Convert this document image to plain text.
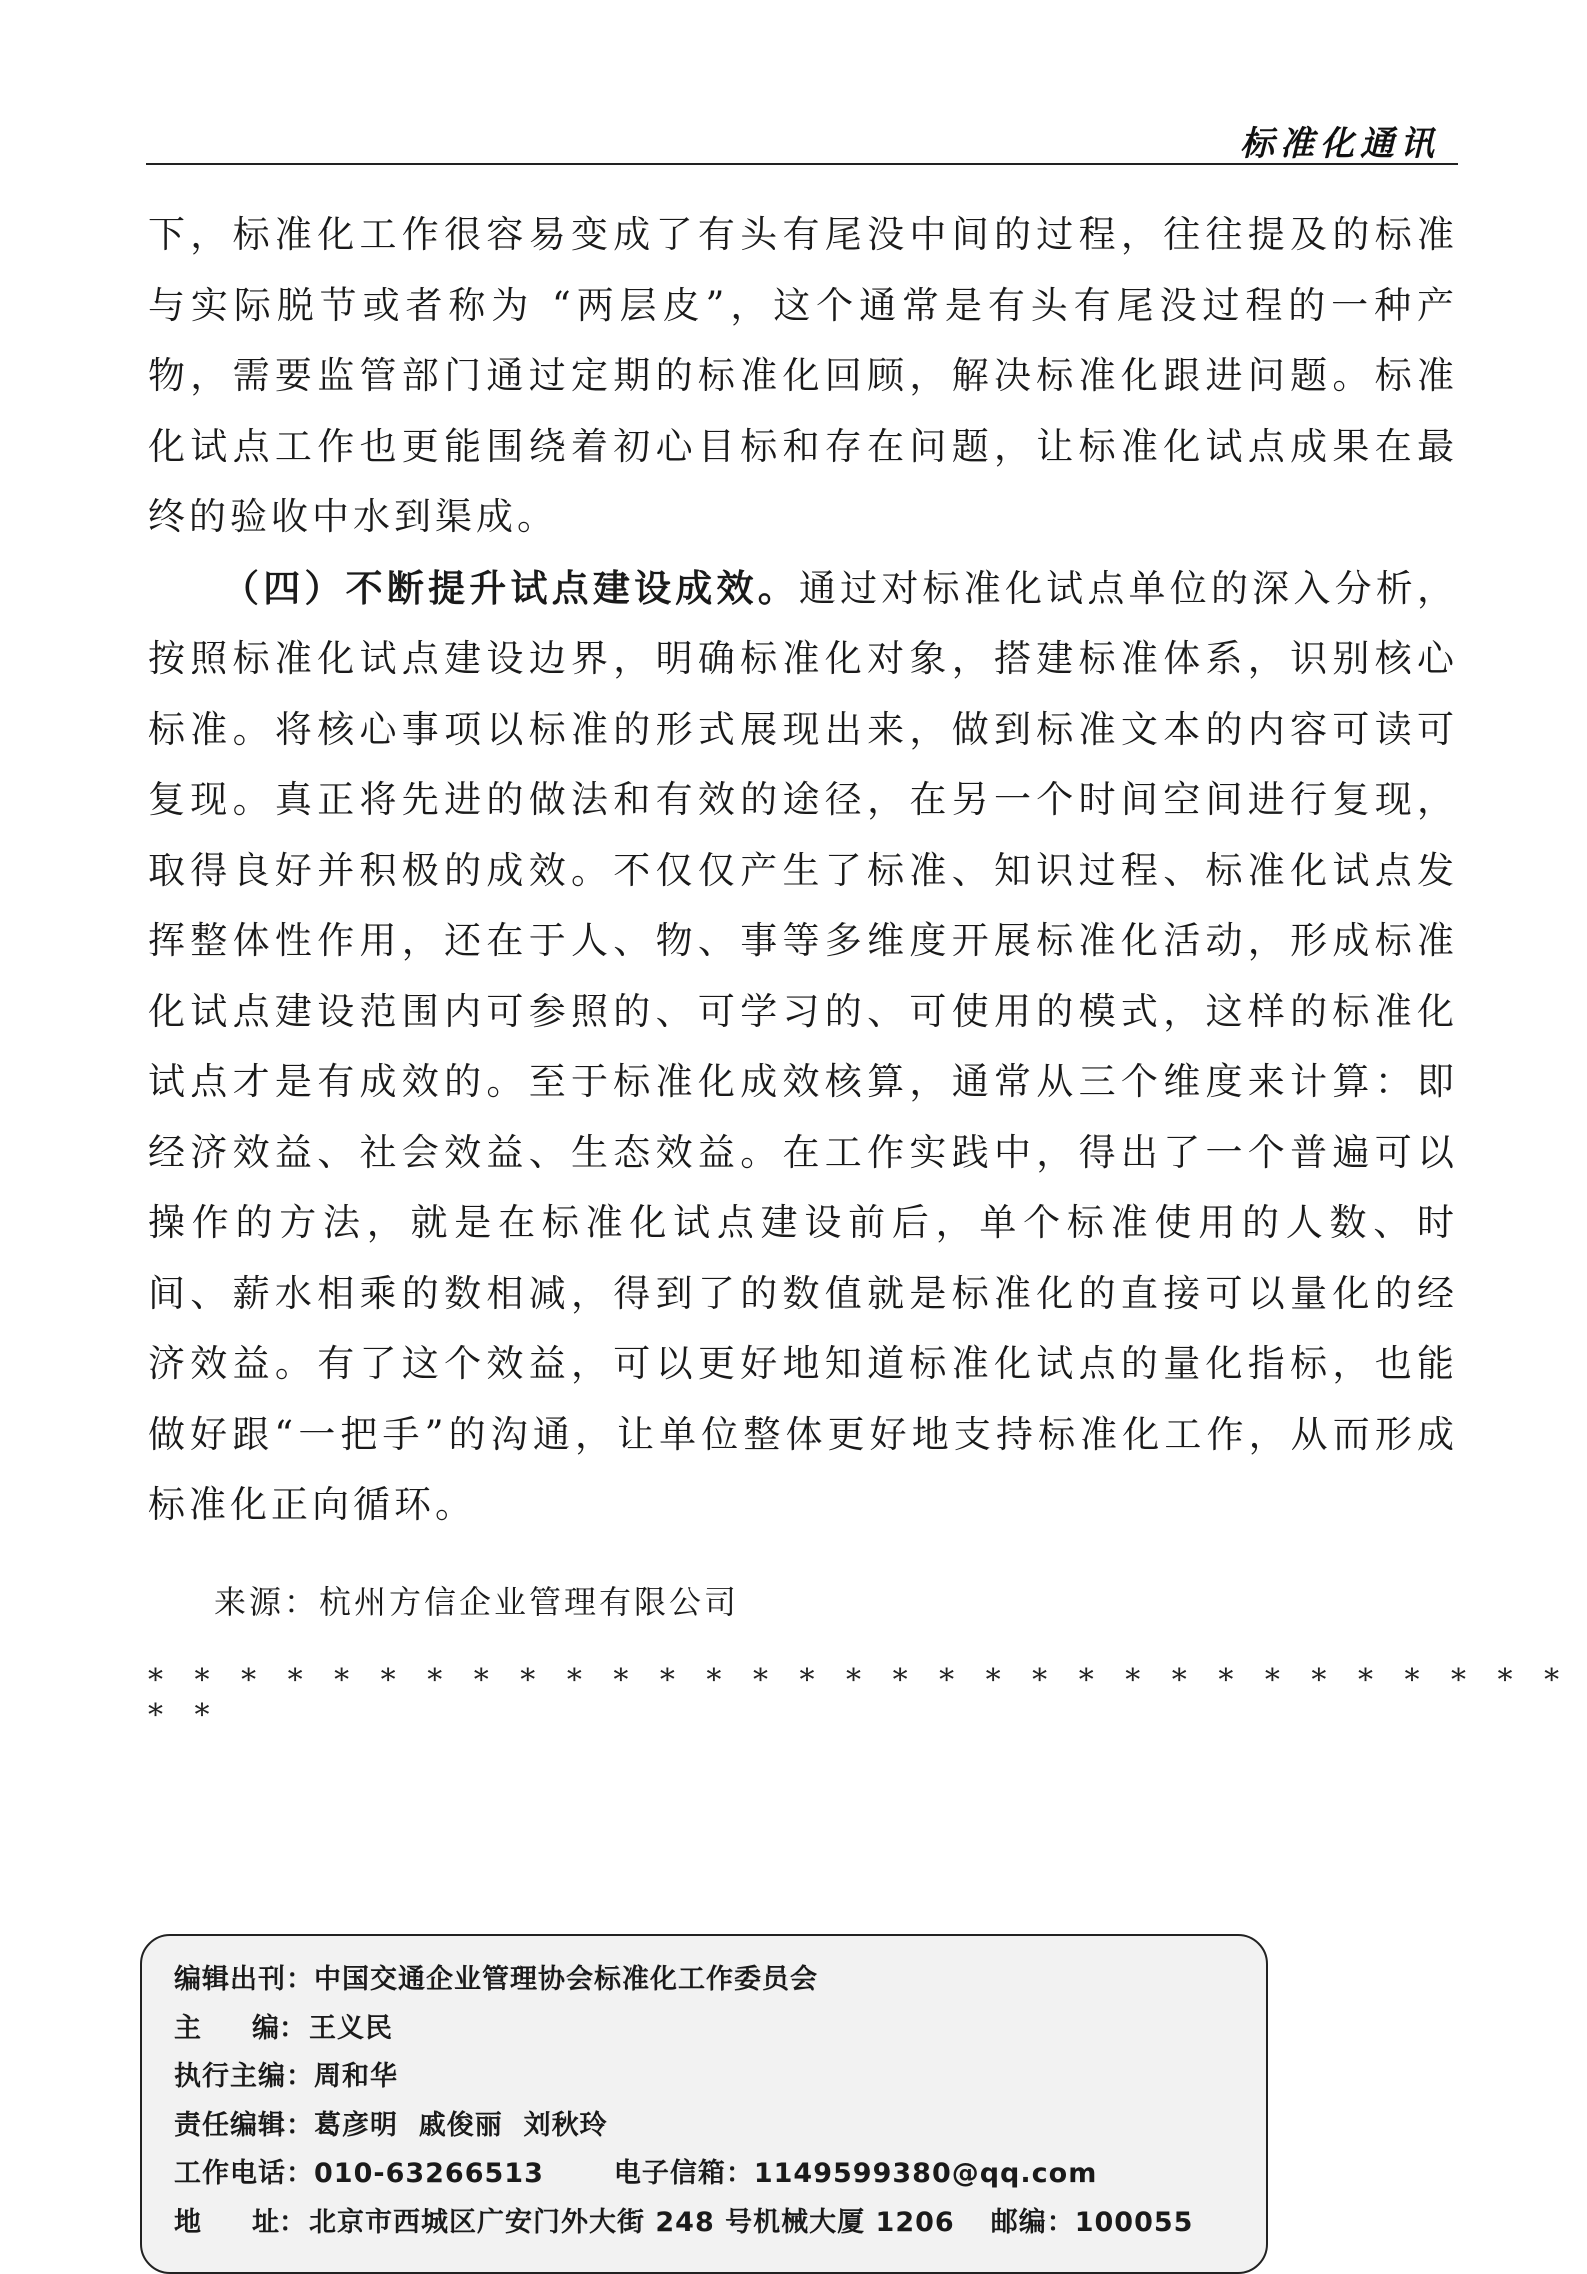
标准化通讯

下，标准化工作很容易变成了有头有尾没中间的过程，往往提及的标准与实际脱节或者称为 “两层皮”，这个通常是有头有尾没过程的一种产物，需要监管部门通过定期的标准化回顾，解决标准化跟进问题。标准化试点工作也更能围绕着初心目标和存在问题，让标准化试点成果在最终的验收中水到渠成。

（四）不断提升试点建设成效。通过对标准化试点单位的深入分析，按照标准化试点建设边界，明确标准化对象，搭建标准体系，识别核心标准。将核心事项以标准的形式展现出来，做到标准文本的内容可读可复现。真正将先进的做法和有效的途径，在另一个时间空间进行复现，取得良好并积极的成效。不仅仅产生了标准、知识过程、标准化试点发挥整体性作用，还在于人、物、事等多维度开展标准化活动，形成标准化试点建设范围内可参照的、可学习的、可使用的模式，这样的标准化试点才是有成效的。至于标准化成效核算，通常从三个维度来计算：即经济效益、社会效益、生态效益。在工作实践中，得出了一个普遍可以操作的方法，就是在标准化试点建设前后，单个标准使用的人数、时间、薪水相乘的数相减，得到了的数值就是标准化的直接可以量化的经济效益。有了这个效益，可以更好地知道标准化试点的量化指标，也能做好跟“一把手”的沟通，让单位整体更好地支持标准化工作，从而形成标准化正向循环。

来源：杭州方信企业管理有限公司
* * * * * * * * * * * * * * * * * * * * * * * * * * * * * * * * *
编辑出刊：中国交通企业管理协会标准化工作委员会
主 编： 王义民
执行主编：周和华
责任编辑：葛彦明  戚俊丽  刘秋玲
工作电话：010-63266513	电子信箱：1149599380@qq.com
地 址： 北京市西城区广安门外大街 248 号机械大厦 1206 邮编：100055
